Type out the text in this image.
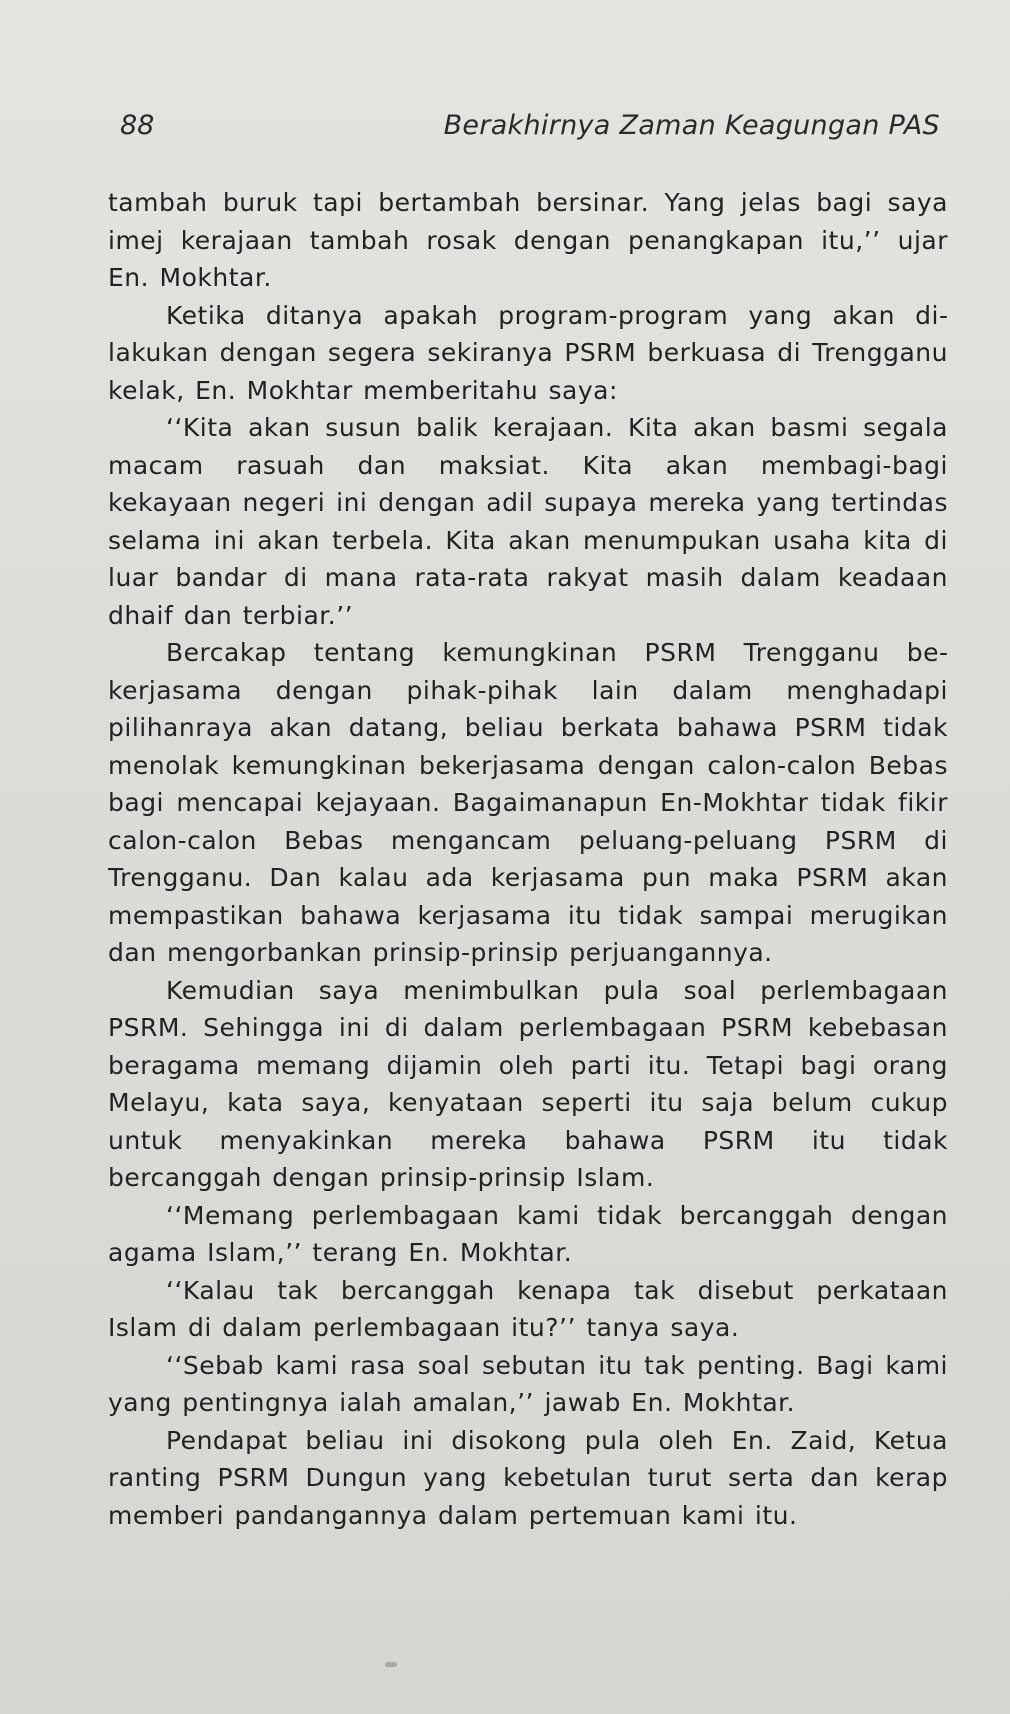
88	Berakhirnya Zaman Keagungan PAS

tambah buruk tapi bertambah bersinar. Yang jelas bagi saya imej kerajaan tambah rosak dengan penangkapan itu,’’ ujar En. Mokhtar.

Ketika ditanya apakah program-program yang akan dilakukan dengan segera sekiranya PSRM berkuasa di Trengganu kelak, En. Mokhtar memberitahu saya:

‘‘Kita akan susun balik kerajaan. Kita akan basmi segala macam rasuah dan maksiat. Kita akan membagi-bagi kekayaan negeri ini dengan adil supaya mereka yang tertindas selama ini akan terbela. Kita akan menumpukan usaha kita di luar bandar di mana rata-rata rakyat masih dalam keadaan dhaif dan terbiar.’’

Bercakap tentang kemungkinan PSRM Trengganu bekerjasama dengan pihak-pihak lain dalam menghadapi pilihanraya akan datang, beliau berkata bahawa PSRM tidak menolak kemungkinan bekerjasama dengan calon-calon Bebas bagi mencapai kejayaan. Bagaimanapun En-Mokhtar tidak fikir calon-calon Bebas mengancam peluang-peluang PSRM di Trengganu. Dan kalau ada kerjasama pun maka PSRM akan mempastikan bahawa kerjasama itu tidak sampai merugikan dan mengorbankan prinsip-prinsip perjuangannya.

Kemudian saya menimbulkan pula soal perlembagaan PSRM. Sehingga ini di dalam perlembagaan PSRM kebebasan beragama memang dijamin oleh parti itu. Tetapi bagi orang Melayu, kata saya, kenyataan seperti itu saja belum cukup untuk menyakinkan mereka bahawa PSRM itu tidak bercanggah dengan prinsip-prinsip Islam.

‘‘Memang perlembagaan kami tidak bercanggah dengan agama Islam,’’ terang En. Mokhtar.

‘‘Kalau tak bercanggah kenapa tak disebut perkataan Islam di dalam perlembagaan itu?’’ tanya saya.

‘‘Sebab kami rasa soal sebutan itu tak penting. Bagi kami yang pentingnya ialah amalan,’’ jawab En. Mokhtar.

Pendapat beliau ini disokong pula oleh En. Zaid, Ketua ranting PSRM Dungun yang kebetulan turut serta dan kerap memberi pandangannya dalam pertemuan kami itu.
